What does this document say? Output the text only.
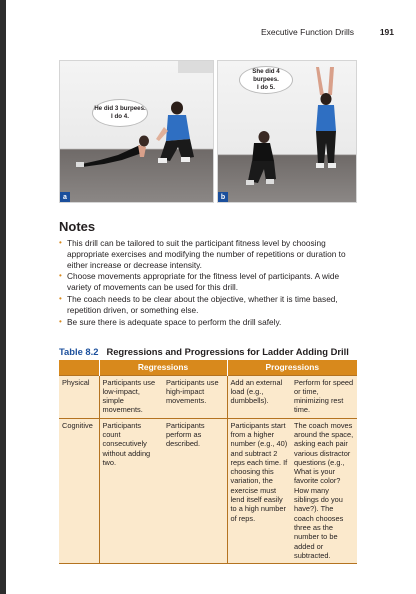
Executive Function Drills	191
He did 3 burpees.
I do 4.
a
She did 4 burpees.
I do 5.
b
Notes
• This drill can be tailored to suit the participant fitness level by choosing appropriate exercises and modifying the number of repetitions or duration to either increase or decrease intensity.
• Choose movements appropriate for the fitness level of participants. A wide variety of movements can be used for this drill.
• The coach needs to be clear about the objective, whether it is time based, repetition driven, or something else.
• Be sure there is adequate space to perform the drill safely.
Table 8.2 Regressions and Progressions for Ladder Adding Drill
	Regressions		Progressions	
Physical	Participants use low-impact, simple movements.	Participants use high-impact movements.	Add an external load (e.g., dumbbells).	Perform for speed or time, minimizing rest time.
Cognitive	Participants count consecutively without adding two.	Participants perform as described.	Participants start from a higher number (e.g., 40) and subtract 2 reps each time. If choosing this variation, the exercise must lend itself easily to a high number of reps.	The coach moves around the space, asking each pair various distractor questions (e.g., What is your favorite color? How many siblings do you have?). The coach chooses three as the number to be added or subtracted.
